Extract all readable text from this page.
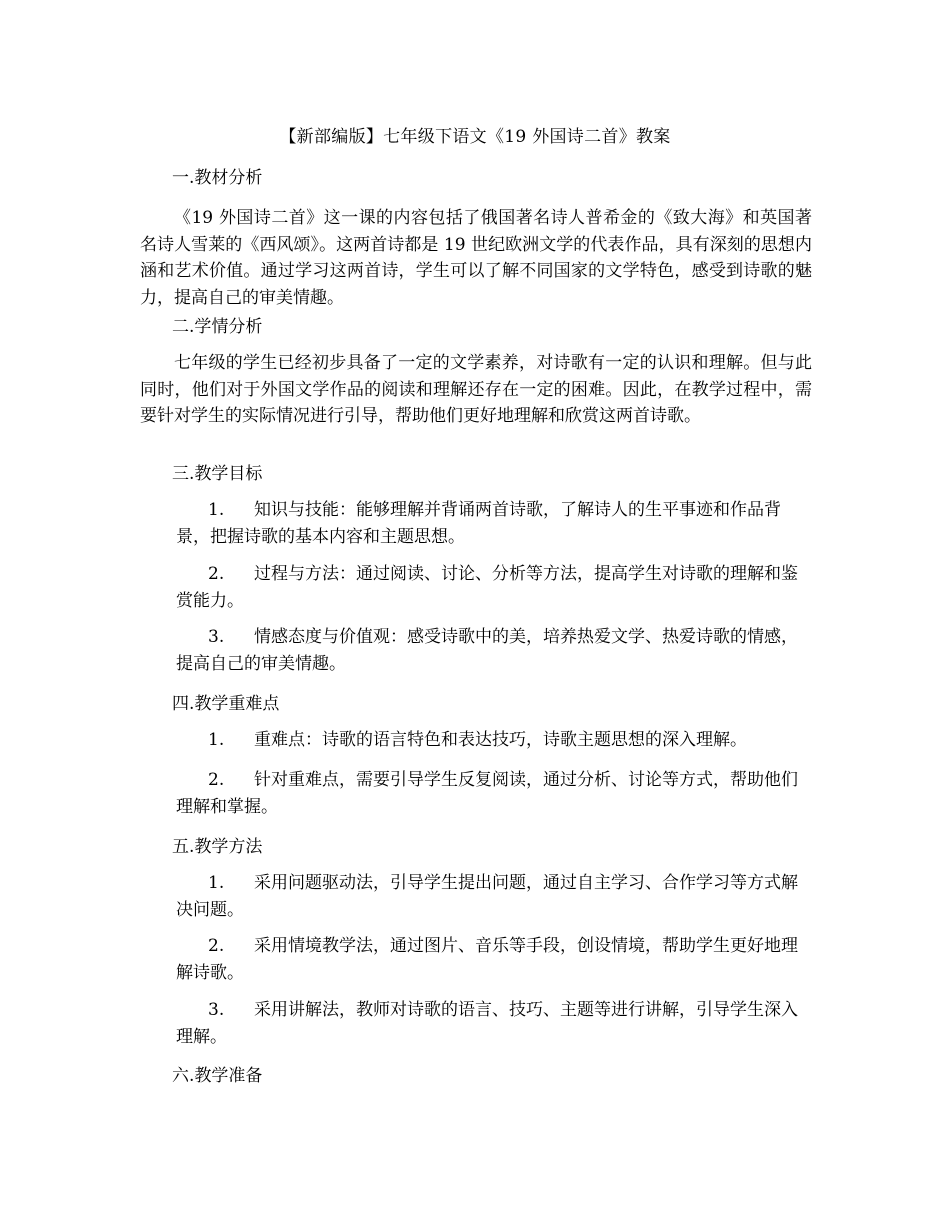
【新部编版】七年级下语文《19 外国诗二首》教案
一.教材分析
《19 外国诗二首》这一课的内容包括了俄国著名诗人普希金的《致大海》和英国著名诗人雪莱的《西风颂》。这两首诗都是 19 世纪欧洲文学的代表作品，具有深刻的思想内涵和艺术价值。通过学习这两首诗，学生可以了解不同国家的文学特色，感受到诗歌的魅力，提高自己的审美情趣。
二.学情分析
七年级的学生已经初步具备了一定的文学素养，对诗歌有一定的认识和理解。但与此同时，他们对于外国文学作品的阅读和理解还存在一定的困难。因此，在教学过程中，需要针对学生的实际情况进行引导，帮助他们更好地理解和欣赏这两首诗歌。
三.教学目标
1. 知识与技能：能够理解并背诵两首诗歌，了解诗人的生平事迹和作品背景，把握诗歌的基本内容和主题思想。
2. 过程与方法：通过阅读、讨论、分析等方法，提高学生对诗歌的理解和鉴赏能力。
3. 情感态度与价值观：感受诗歌中的美，培养热爱文学、热爱诗歌的情感，提高自己的审美情趣。
四.教学重难点
1. 重难点：诗歌的语言特色和表达技巧，诗歌主题思想的深入理解。
2. 针对重难点，需要引导学生反复阅读，通过分析、讨论等方式，帮助他们理解和掌握。
五.教学方法
1. 采用问题驱动法，引导学生提出问题，通过自主学习、合作学习等方式解决问题。
2. 采用情境教学法，通过图片、音乐等手段，创设情境，帮助学生更好地理解诗歌。
3. 采用讲解法，教师对诗歌的语言、技巧、主题等进行讲解，引导学生深入理解。
六.教学准备
